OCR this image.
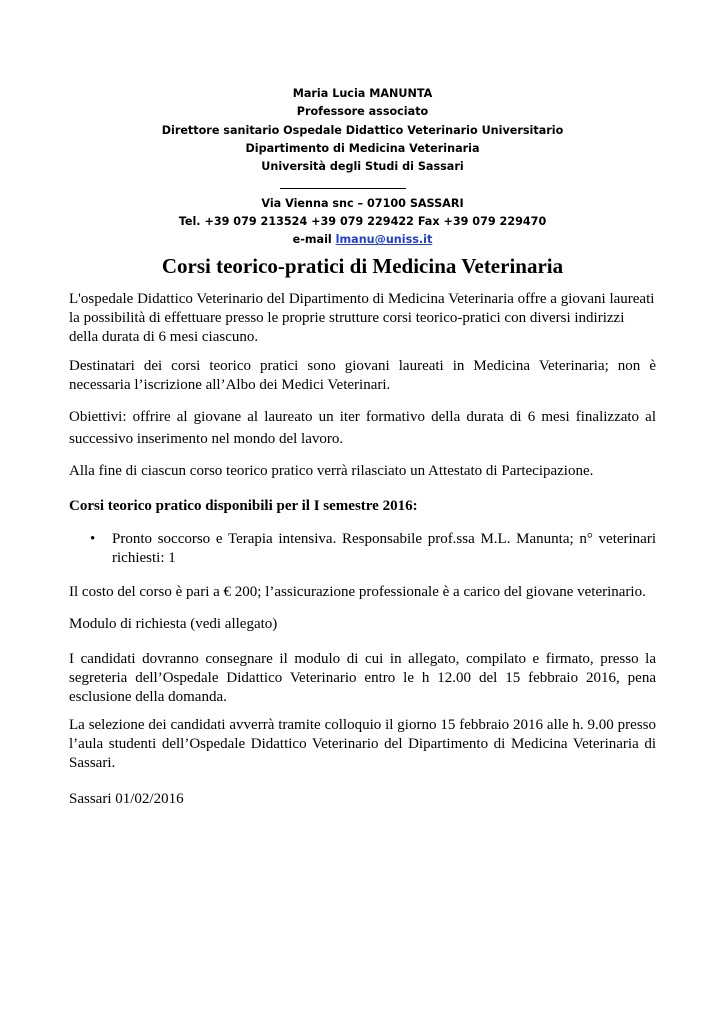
Maria Lucia MANUNTA
Professore associato
Direttore sanitario Ospedale Didattico Veterinario Universitario
Dipartimento di Medicina Veterinaria
Università degli Studi di Sassari
Via Vienna snc – 07100 SASSARI
Tel. +39 079 213524 +39 079 229422 Fax +39 079 229470
e-mail lmanu@uniss.it
Corsi teorico-pratici di Medicina Veterinaria

L'ospedale Didattico Veterinario del Dipartimento di Medicina Veterinaria offre a giovani laureati la possibilità di effettuare presso le proprie strutture corsi teorico-pratici con diversi indirizzi della durata di 6 mesi ciascuno.

Destinatari dei corsi teorico pratici sono giovani laureati in Medicina Veterinaria; non è necessaria l’iscrizione all’Albo dei Medici Veterinari.

Obiettivi: offrire al giovane al laureato un iter formativo della durata di 6 mesi finalizzato al successivo inserimento nel mondo del lavoro.

Alla fine di ciascun corso teorico pratico verrà rilasciato un Attestato di Partecipazione.

Corsi teorico pratico disponibili per il I semestre 2016:

•	Pronto soccorso e Terapia intensiva. Responsabile prof.ssa M.L. Manunta; n° veterinari richiesti: 1

Il costo del corso è pari a € 200; l’assicurazione professionale è a carico del giovane veterinario.

Modulo di richiesta (vedi allegato)

I candidati dovranno consegnare il modulo di cui in allegato, compilato e firmato, presso la segreteria dell’Ospedale Didattico Veterinario entro le h 12.00 del 15 febbraio 2016, pena esclusione della domanda.

La selezione dei candidati avverrà tramite colloquio il giorno 15 febbraio 2016 alle h. 9.00 presso l’aula studenti dell’Ospedale Didattico Veterinario del Dipartimento di Medicina Veterinaria di Sassari.

Sassari 01/02/2016
